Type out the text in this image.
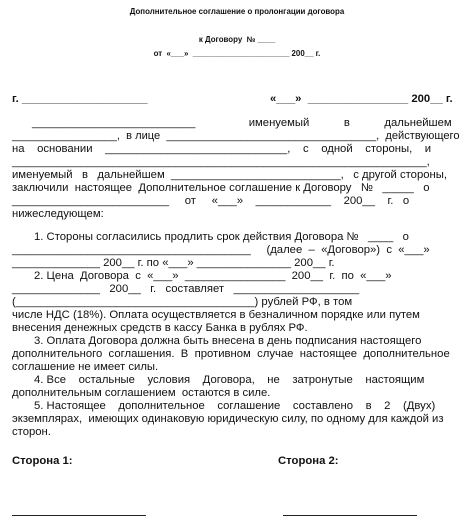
Дополнительное соглашение о пролонгации договора
к Договору  № ____
от  «___»  ______________________ 200__ г.
г. ____________________	«___»  ________________ 200__ г.
__________________________                 именуемый           в           дальнейшем
_________________,  в лице  __________________________________,  действующего
на    основании    _____________________________,    с    одной    стороны,    и
__________________________________________________________________,
именуемый   в   дальнейшем  ___________________________,   с другой стороны,
заключили  настоящее  Дополнительное соглашение к Договору   №   _____   о
_________________________     от     «___»    ____________    200__    г.   о
нижеследующем:
1. Стороны согласились продлить срок действия Договора №   ____   о
______________________________________     (далее  –  «Договор»)  с  «___»
______________ 200__ г. по «___» _______________ 200__ г.
2. Цена  Договора  с  «___»  ________________  200__  г.  по  «___»
______________   200__   г.   составляет   ____________________
(______________________________________) рублей РФ, в том
числе НДС (18%). Оплата осуществляется в безналичном порядке или путем
внесения денежных средств в кассу Банка в рублях РФ.
3. Оплата Договора должна быть внесена в день подписания настоящего
дополнительного  соглашения.  В  противном  случае  настоящее  дополнительное
соглашение не имеет силы.
4. Все    остальные    условия    Договора,    не    затронутые    настоящим
дополнительным соглашением  остаются в силе.
5. Настоящее    дополнительное    соглашение    составлено    в    2    (Двух)
экземплярах,  имеющих одинаковую юридическую силу, по одному для каждой из
сторон.
Сторона 1:	Сторона 2:
